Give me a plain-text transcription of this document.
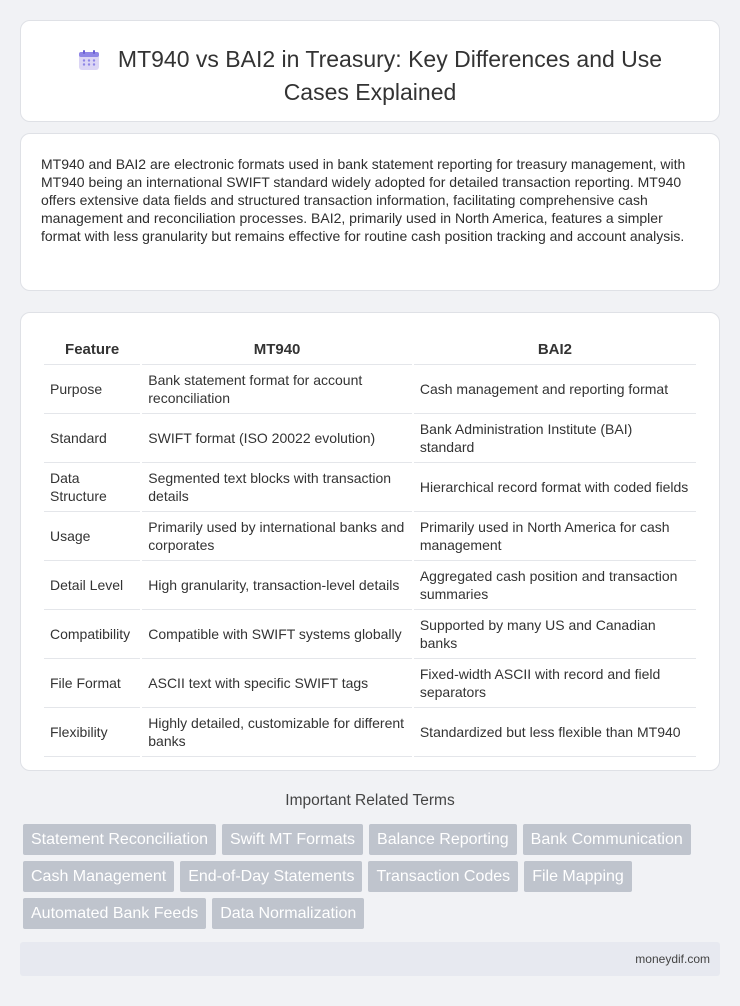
MT940 vs BAI2 in Treasury: Key Differences and Use Cases Explained
MT940 and BAI2 are electronic formats used in bank statement reporting for treasury management, with MT940 being an international SWIFT standard widely adopted for detailed transaction reporting. MT940 offers extensive data fields and structured transaction information, facilitating comprehensive cash management and reconciliation processes. BAI2, primarily used in North America, features a simpler format with less granularity but remains effective for routine cash position tracking and account analysis.
Feature	MT940	BAI2
Purpose	Bank statement format for account reconciliation	Cash management and reporting format
Standard	SWIFT format (ISO 20022 evolution)	Bank Administration Institute (BAI) standard
Data Structure	Segmented text blocks with transaction details	Hierarchical record format with coded fields
Usage	Primarily used by international banks and corporates	Primarily used in North America for cash management
Detail Level	High granularity, transaction-level details	Aggregated cash position and transaction summaries
Compatibility	Compatible with SWIFT systems globally	Supported by many US and Canadian banks
File Format	ASCII text with specific SWIFT tags	Fixed-width ASCII with record and field separators
Flexibility	Highly detailed, customizable for different banks	Standardized but less flexible than MT940
Important Related Terms
Statement Reconciliation	Swift MT Formats	Balance Reporting	Bank Communication
Cash Management	End-of-Day Statements	Transaction Codes	File Mapping
Automated Bank Feeds	Data Normalization
moneydif.com
